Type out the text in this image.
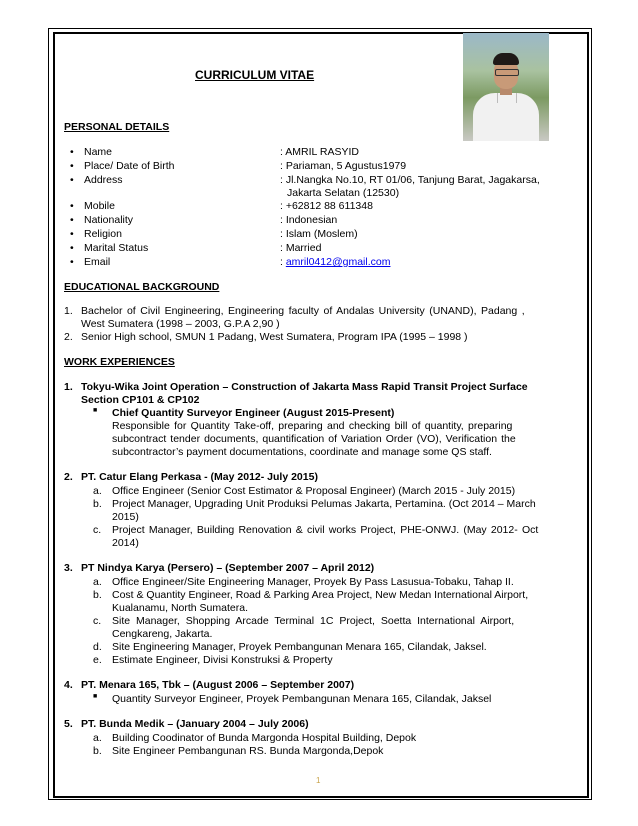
CURRICULUM VITAE
PERSONAL DETAILS
• Name	: AMRIL RASYID
• Place/ Date of Birth	: Pariaman, 5 Agustus1979
• Address	: Jl.Nangka No.10, RT 01/06, Tanjung Barat, Jagakarsa,
Jakarta Selatan (12530)
• Mobile	: +62812 88 611348
• Nationality	: Indonesian
• Religion	: Islam (Moslem)
• Marital Status	: Married
• Email	: amril0412@gmail.com
EDUCATIONAL BACKGROUND
1. Bachelor of Civil Engineering, Engineering faculty of Andalas University (UNAND), Padang ,
West Sumatera (1998 – 2003, G.P.A 2,90 )
2. Senior High school, SMUN 1 Padang, West Sumatera, Program IPA (1995 – 1998 )
WORK EXPERIENCES
1. Tokyu-Wika Joint Operation – Construction of Jakarta Mass Rapid Transit Project Surface
Section CP101 & CP102
■ Chief Quantity Surveyor Engineer (August 2015-Present)
Responsible for Quantity Take-off, preparing and checking bill of quantity, preparing
subcontract tender documents, quantification of Variation Order (VO), Verification the
subcontractor’s payment documentations, coordinate and manage some QS staff.
2. PT. Catur Elang Perkasa - (May 2012- July 2015)
a. Office Engineer (Senior Cost Estimator & Proposal Engineer) (March 2015 - July 2015)
b. Project Manager, Upgrading Unit Produksi Pelumas Jakarta, Pertamina. (Oct 2014 – March
2015)
c. Project Manager, Building Renovation & civil works Project, PHE-ONWJ. (May 2012- Oct
2014)
3. PT Nindya Karya (Persero) – (September 2007 – April 2012)
a. Office Engineer/Site Engineering Manager, Proyek By Pass Lasusua-Tobaku, Tahap II.
b. Cost & Quantity Engineer, Road & Parking Area Project, New Medan International Airport,
Kualanamu, North Sumatera.
c. Site Manager, Shopping Arcade Terminal 1C Project, Soetta International Airport,
Cengkareng, Jakarta.
d. Site Engineering Manager, Proyek Pembangunan Menara 165, Cilandak, Jaksel.
e. Estimate Engineer, Divisi Konstruksi & Property
4. PT. Menara 165, Tbk – (August 2006 – September 2007)
■ Quantity Surveyor Engineer, Proyek Pembangunan Menara 165, Cilandak, Jaksel
5. PT. Bunda Medik – (January 2004 – July 2006)
a. Building Coodinator of Bunda Margonda Hospital Building, Depok
b. Site Engineer Pembangunan RS. Bunda Margonda,Depok
1
